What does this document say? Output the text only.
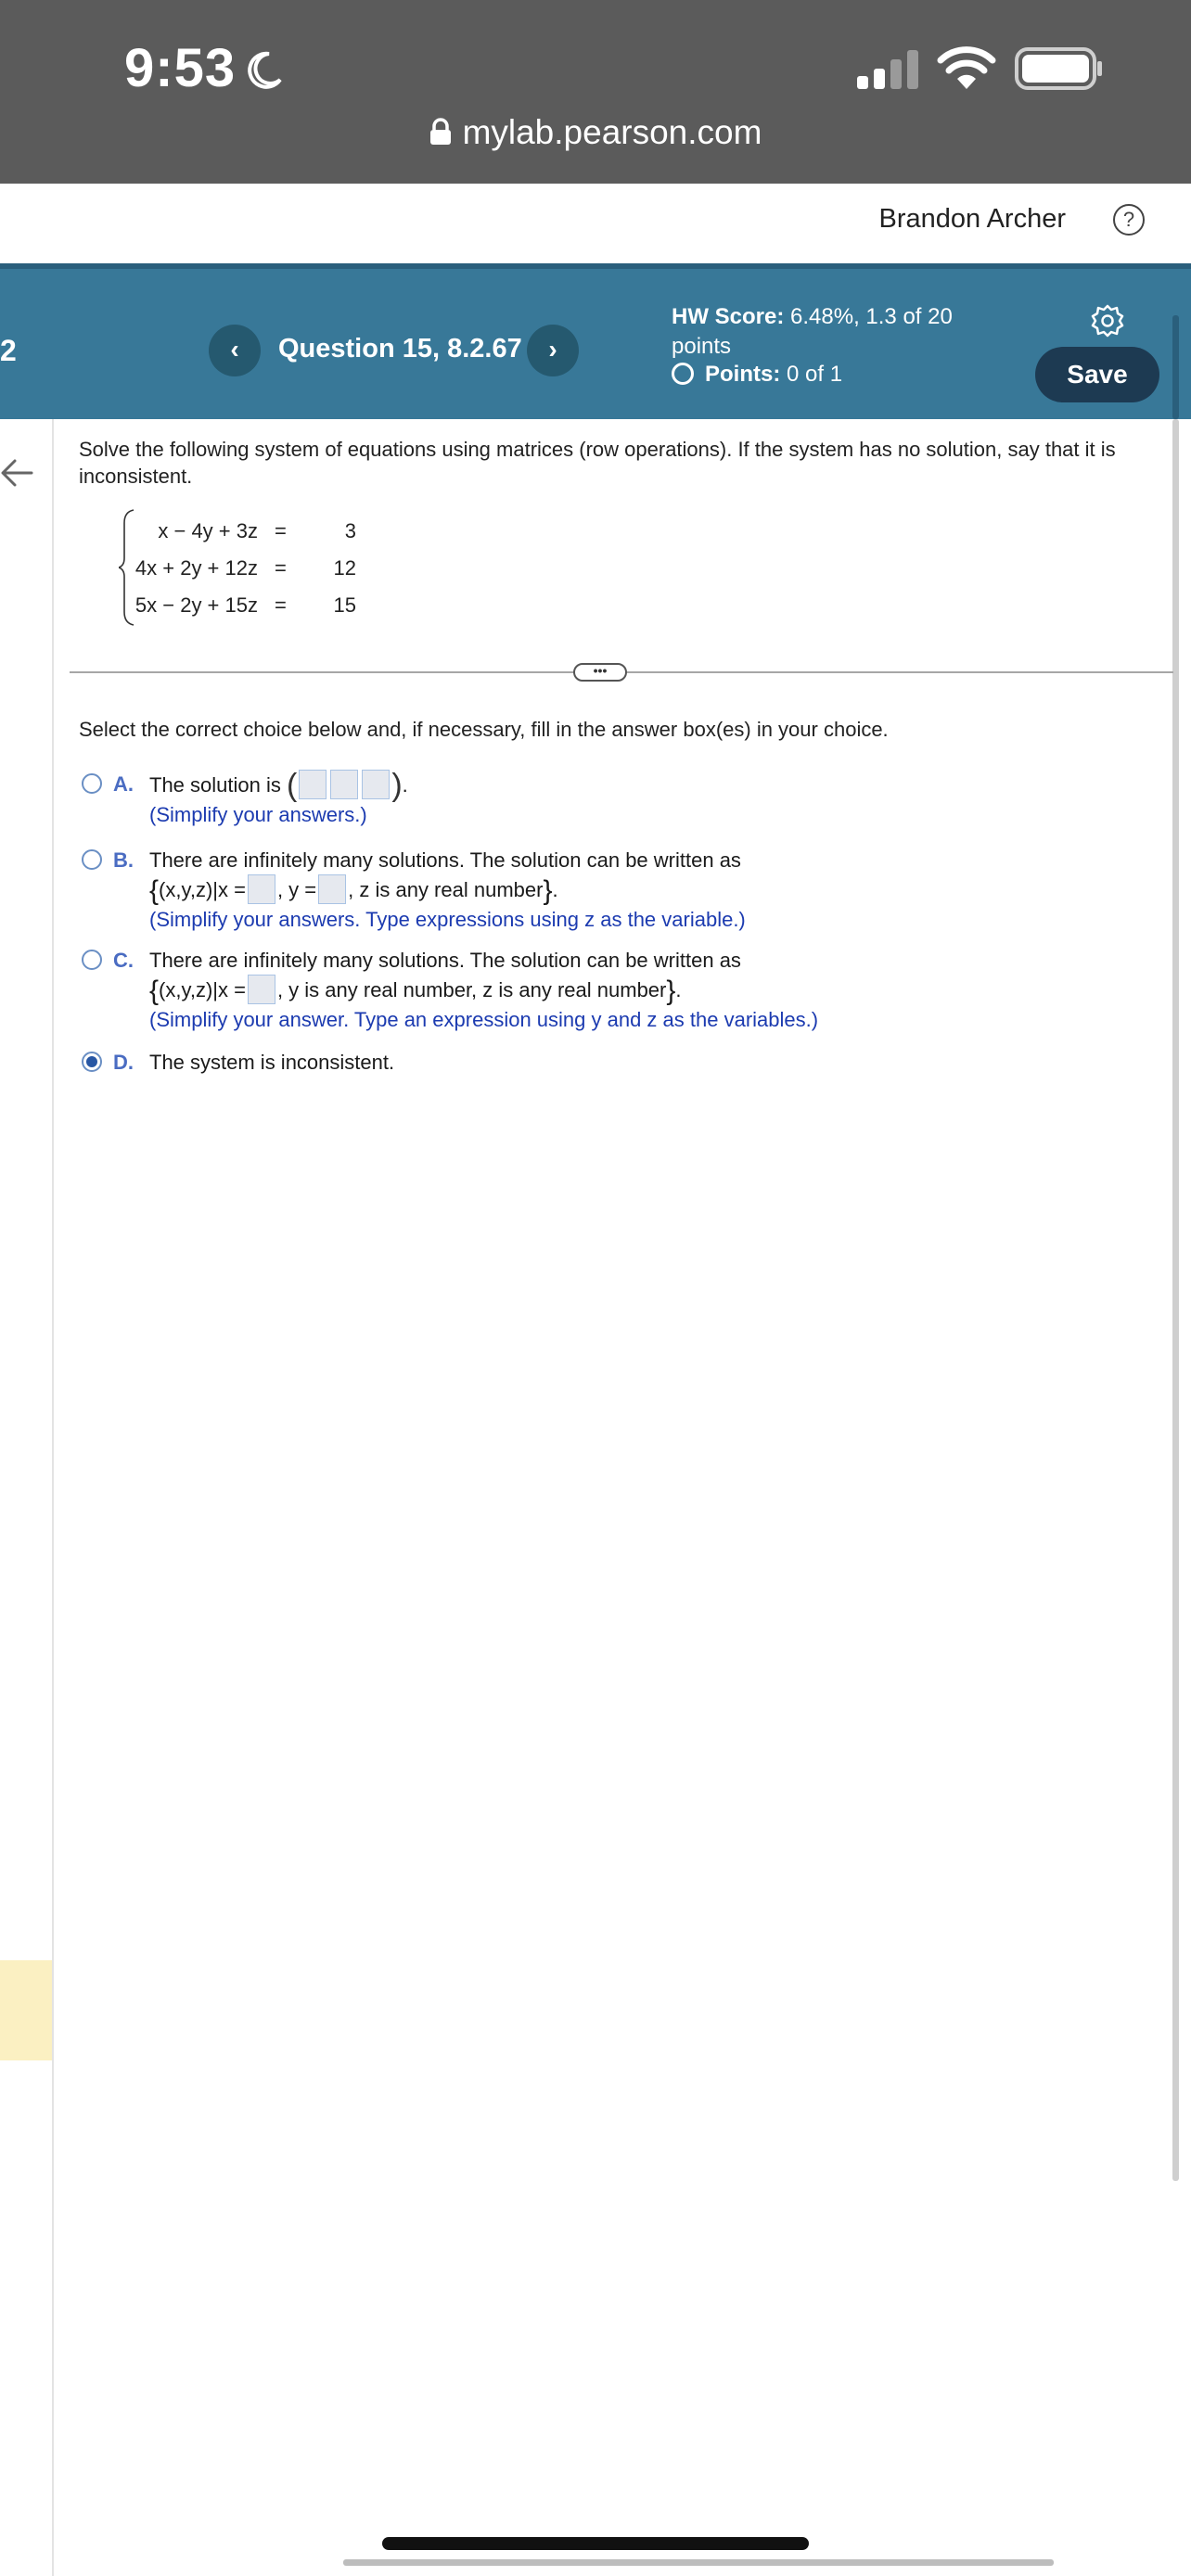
9:53
mylab.pearson.com
Brandon Archer	?
2	‹	Question 15, 8.2.67	›
HW Score: 6.48%, 1.3 of 20
points
Points: 0 of 1	Save
Solve the following system of equations using matrices (row operations). If the system has no solution, say that it is inconsistent.
x − 4y + 3z =	3
4x + 2y + 12z =	12
5x − 2y + 15z =	15
•••
Select the correct choice below and, if necessary, fill in the answer box(es) in your choice.
A. The solution is (	).
(Simplify your answers.)
B. There are infinitely many solutions. The solution can be written as
{(x,y,z)|x = , y = , z is any real number}.
(Simplify your answers. Type expressions using z as the variable.)
C. There are infinitely many solutions. The solution can be written as
{(x,y,z)|x = , y is any real number, z is any real number}.
(Simplify your answer. Type an expression using y and z as the variables.)
D. The system is inconsistent.
